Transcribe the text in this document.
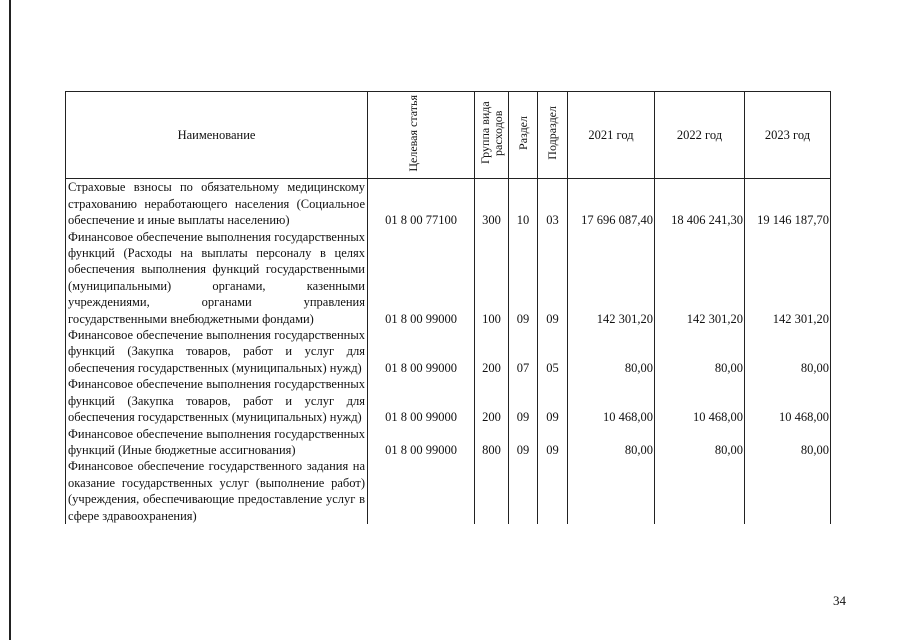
Наименование	Целевая статья	Группа вида расходов	Раздел	Подраздел	2021 год	2022 год	2023 год
Страховые взносы по обязательному медицинскому страхованию неработающего населения (Социальное обеспечение и иные выплаты населению)	01 8 00 77100	300	10	03	17 696 087,40	18 406 241,30	19 146 187,70
Финансовое обеспечение выполнения государственных функций (Расходы на выплаты персоналу в целях обеспечения выполнения функций государственными (муниципальными) органами, казенными учреждениями, органами управления государственными внебюджетными фондами)	01 8 00 99000	100	09	09	142 301,20	142 301,20	142 301,20
Финансовое обеспечение выполнения государственных функций (Закупка товаров, работ и услуг для обеспечения государственных (муниципальных) нужд)	01 8 00 99000	200	07	05	80,00	80,00	80,00
Финансовое обеспечение выполнения государственных функций (Закупка товаров, работ и услуг для обеспечения государственных (муниципальных) нужд)	01 8 00 99000	200	09	09	10 468,00	10 468,00	10 468,00
Финансовое обеспечение выполнения государственных функций (Иные бюджетные ассигнования)	01 8 00 99000	800	09	09	80,00	80,00	80,00
Финансовое обеспечение государственного задания на оказание государственных услуг (выполнение работ) (учреждения, обеспечивающие предоставление услуг в сфере здравоохранения)							
34
